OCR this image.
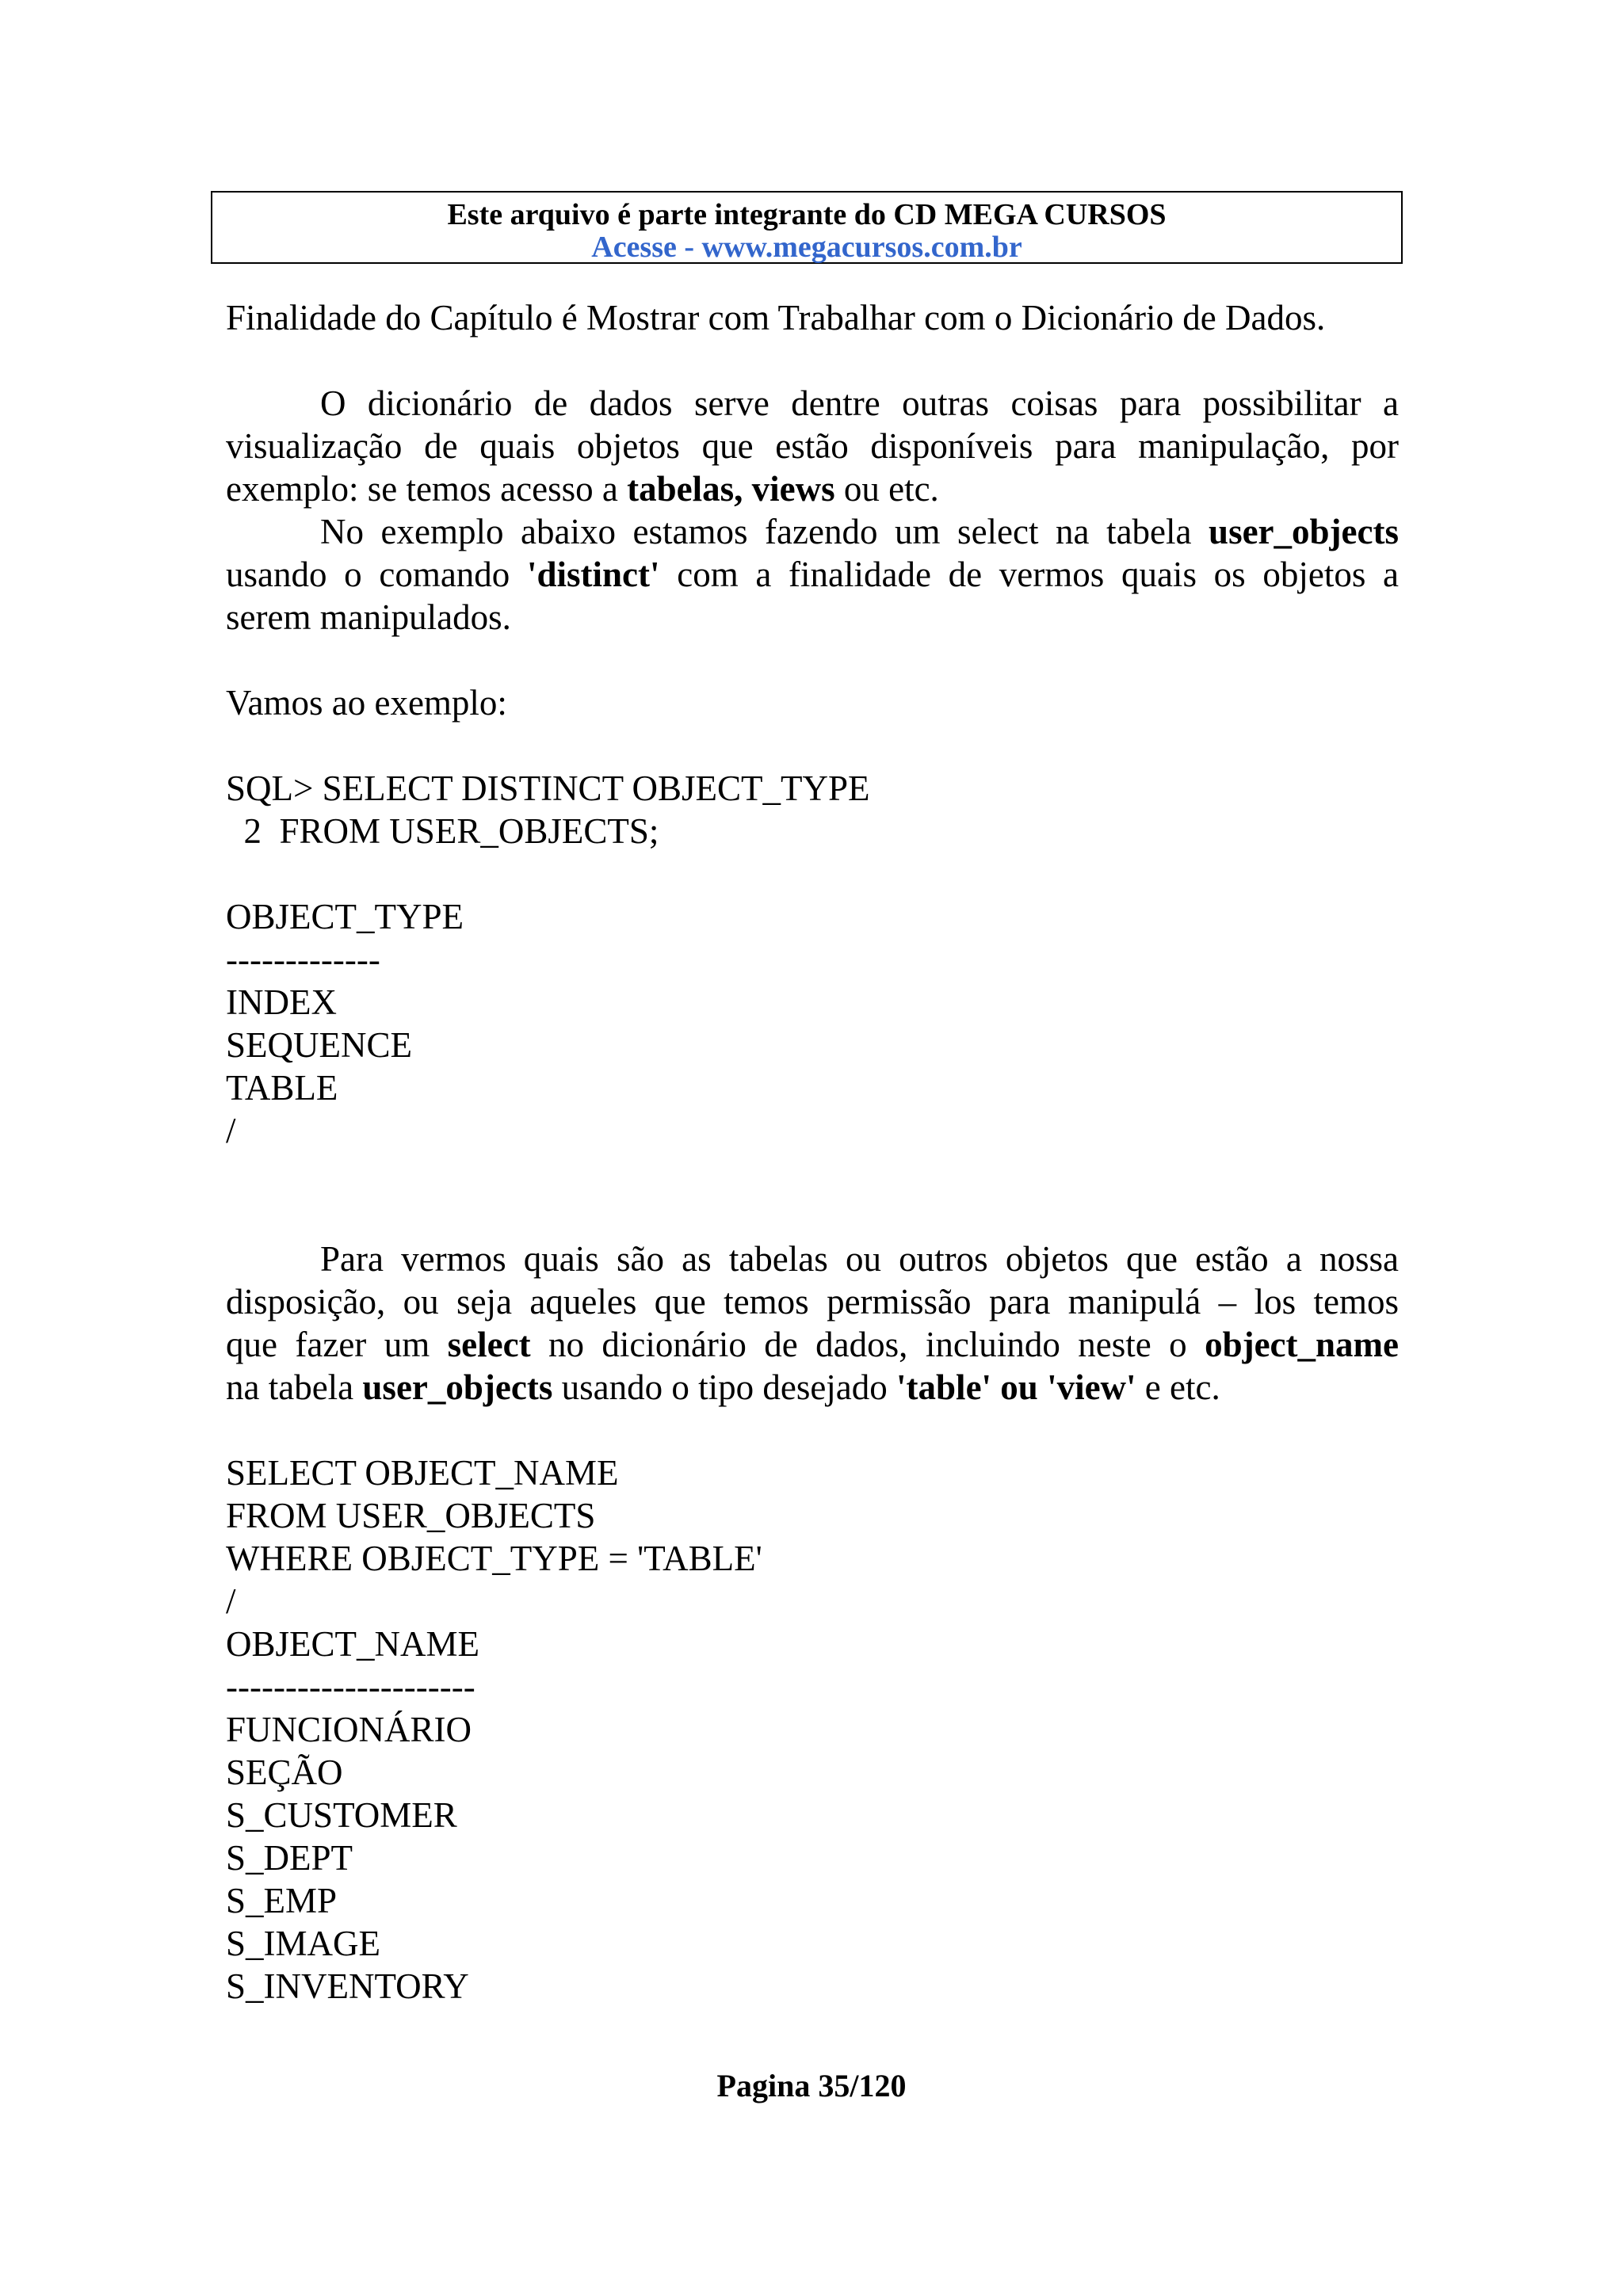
Este arquivo é parte integrante do CD MEGA CURSOS
Acesse - www.megacursos.com.br
Finalidade do Capítulo é Mostrar com Trabalhar com o Dicionário de Dados.
O dicionário de dados serve dentre outras coisas para possibilitar a
visualização de quais objetos que estão disponíveis para manipulação, por
exemplo: se temos acesso a tabelas, views ou etc.
No exemplo abaixo estamos fazendo um select na tabela user_objects
usando o comando 'distinct' com a finalidade de vermos quais os objetos a
serem manipulados.
Vamos ao exemplo:
SQL> SELECT DISTINCT OBJECT_TYPE
2  FROM USER_OBJECTS;
OBJECT_TYPE
-------------
INDEX
SEQUENCE
TABLE
/
Para vermos quais são as tabelas ou outros objetos que estão a nossa
disposição, ou seja aqueles que temos permissão para manipulá – los temos
que fazer um select no dicionário de dados, incluindo neste o object_name
na tabela user_objects usando o tipo desejado 'table' ou 'view' e etc.
SELECT OBJECT_NAME
FROM USER_OBJECTS
WHERE OBJECT_TYPE = 'TABLE'
/
OBJECT_NAME
---------------------
FUNCIONÁRIO
SEÇÃO
S_CUSTOMER
S_DEPT
S_EMP
S_IMAGE
S_INVENTORY
Pagina 35/120
